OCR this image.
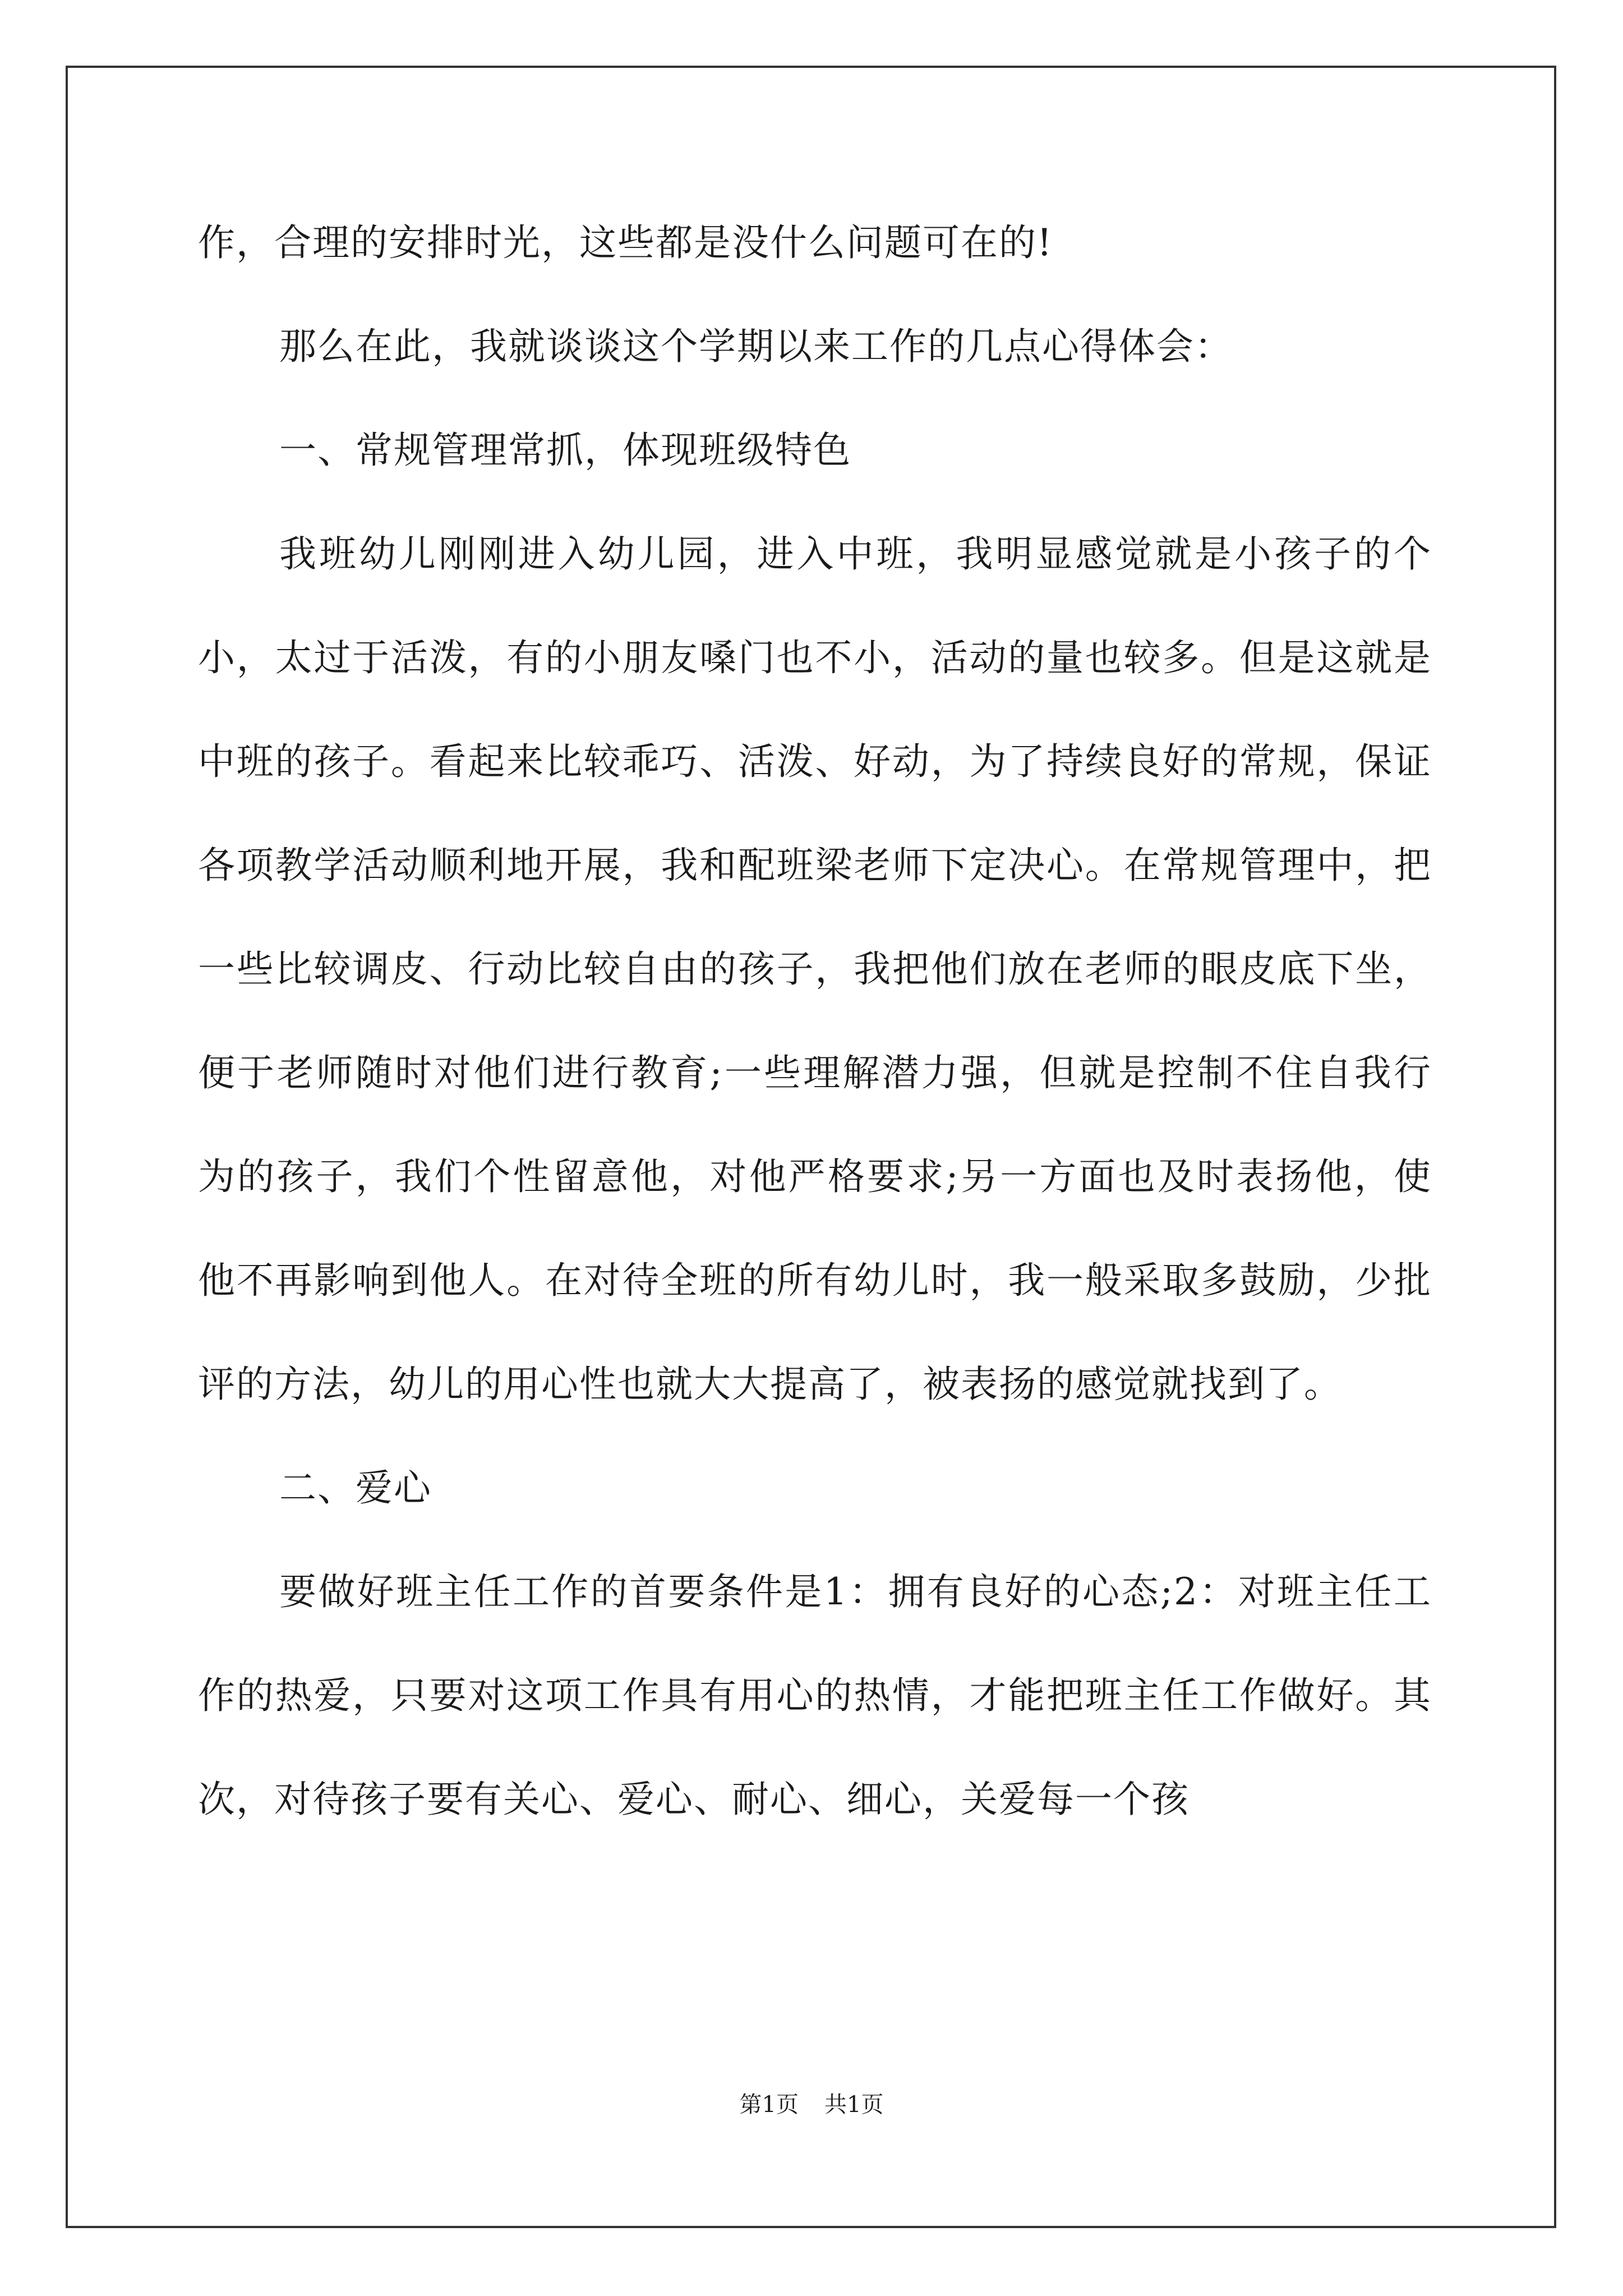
作，合理的安排时光，这些都是没什么问题可在的!

那么在此，我就谈谈这个学期以来工作的几点心得体会：

一、常规管理常抓，体现班级特色

我班幼儿刚刚进入幼儿园，进入中班，我明显感觉就是小孩子的个小，太过于活泼，有的小朋友嗓门也不小，活动的量也较多。但是这就是中班的孩子。看起来比较乖巧、活泼、好动，为了持续良好的常规，保证各项教学活动顺利地开展，我和配班梁老师下定决心。在常规管理中，把一些比较调皮、行动比较自由的孩子，我把他们放在老师的眼皮底下坐，便于老师随时对他们进行教育;一些理解潜力强，但就是控制不住自我行为的孩子，我们个性留意他，对他严格要求;另一方面也及时表扬他，使他不再影响到他人。在对待全班的所有幼儿时，我一般采取多鼓励，少批评的方法，幼儿的用心性也就大大提高了，被表扬的感觉就找到了。

二、爱心

要做好班主任工作的首要条件是1：拥有良好的心态;2：对班主任工作的热爱，只要对这项工作具有用心的热情，才能把班主任工作做好。其次，对待孩子要有关心、爱心、耐心、细心，关爱每一个孩

第1页 共1页
